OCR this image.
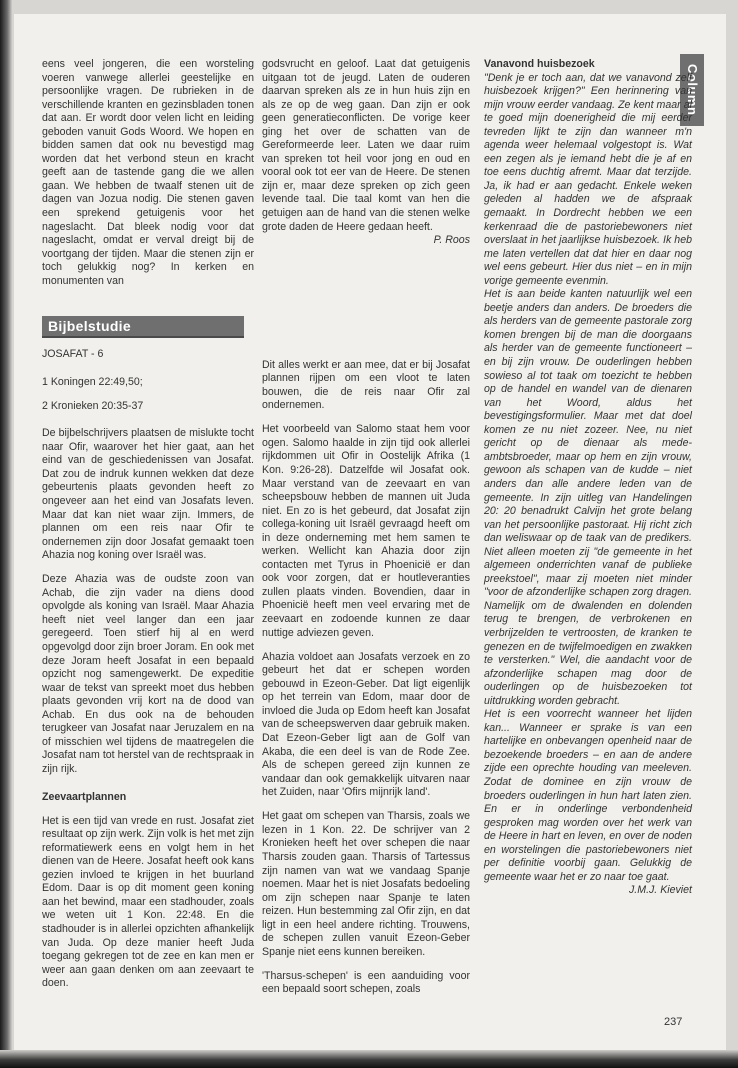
Column

eens veel jongeren, die een worsteling voeren vanwege allerlei geestelijke en persoonlijke vragen. De rubrieken in de verschillende kranten en gezinsbladen tonen dat aan. Er wordt door velen licht en leiding geboden vanuit Gods Woord. We hopen en bidden samen dat ook nu bevestigd mag worden dat het verbond steun en kracht geeft aan de tastende gang die we allen gaan. We hebben de twaalf stenen uit de dagen van Jozua nodig. Die stenen gaven een sprekend getuigenis voor het nageslacht. Dat bleek nodig voor dat nageslacht, omdat er verval dreigt bij de voortgang der tijden. Maar die stenen zijn er toch gelukkig nog? In kerken en monumenten van

godsvrucht en geloof. Laat dat getuigenis uitgaan tot de jeugd. Laten de ouderen daarvan spreken als ze in hun huis zijn en als ze op de weg gaan. Dan zijn er ook geen generatieconflicten. De vorige keer ging het over de schatten van de Gereformeerde leer. Laten we daar ruim van spreken tot heil voor jong en oud en vooral ook tot eer van de Heere. De stenen zijn er, maar deze spreken op zich geen levende taal. Die taal komt van hen die getuigen aan de hand van die stenen welke grote daden de Heere gedaan heeft.

P. Roos

Bijbelstudie

JOSAFAT - 6

1 Koningen 22:49,50;

2 Kronieken 20:35-37

De bijbelschrijvers plaatsen de mislukte tocht naar Ofir, waarover het hier gaat, aan het eind van de geschiedenissen van Josafat. Dat zou de indruk kunnen wekken dat deze gebeurtenis plaats gevonden heeft zo ongeveer aan het eind van Josafats leven. Maar dat kan niet waar zijn. Immers, de plannen om een reis naar Ofir te ondernemen zijn door Josafat gemaakt toen Ahazia nog koning over Israël was.

Deze Ahazia was de oudste zoon van Achab, die zijn vader na diens dood opvolgde als koning van Israël. Maar Ahazia heeft niet veel langer dan een jaar geregeerd. Toen stierf hij al en werd opgevolgd door zijn broer Joram. En ook met deze Joram heeft Josafat in een bepaald opzicht nog samengewerkt. De expeditie waar de tekst van spreekt moet dus hebben plaats gevonden vrij kort na de dood van Achab. En dus ook na de behouden terugkeer van Josafat naar Jeruzalem en na of misschien wel tijdens de maatregelen die Josafat nam tot herstel van de rechtspraak in zijn rijk.

Zeevaartplannen

Het is een tijd van vrede en rust. Josafat ziet resultaat op zijn werk. Zijn volk is het met zijn reformatiewerk eens en volgt hem in het dienen van de Heere. Josafat heeft ook kans gezien invloed te krijgen in het buurland Edom. Daar is op dit moment geen koning aan het bewind, maar een stadhouder, zoals we weten uit 1 Kon. 22:48. En die stadhouder is in allerlei opzichten afhankelijk van Juda. Op deze manier heeft Juda toegang gekregen tot de zee en kan men er weer aan gaan denken om aan zeevaart te doen.

Dit alles werkt er aan mee, dat er bij Josafat plannen rijpen om een vloot te laten bouwen, die de reis naar Ofir zal ondernemen.

Het voorbeeld van Salomo staat hem voor ogen. Salomo haalde in zijn tijd ook allerlei rijkdommen uit Ofir in Oostelijk Afrika (1 Kon. 9:26-28). Datzelfde wil Josafat ook. Maar verstand van de zeevaart en van scheepsbouw hebben de mannen uit Juda niet. En zo is het gebeurd, dat Josafat zijn collega-koning uit Israël gevraagd heeft om in deze onderneming met hem samen te werken. Wellicht kan Ahazia door zijn contacten met Tyrus in Phoenicië er dan ook voor zorgen, dat er houtleveranties zullen plaats vinden. Bovendien, daar in Phoenicië heeft men veel ervaring met de zeevaart en zodoende kunnen ze daar nuttige adviezen geven.

Ahazia voldoet aan Josafats verzoek en zo gebeurt het dat er schepen worden gebouwd in Ezeon-Geber. Dat ligt eigenlijk op het terrein van Edom, maar door de invloed die Juda op Edom heeft kan Josafat van de scheepswerven daar gebruik maken. Dat Ezeon-Geber ligt aan de Golf van Akaba, die een deel is van de Rode Zee. Als de schepen gereed zijn kunnen ze vandaar dan ook gemakkelijk uitvaren naar het Zuiden, naar 'Ofirs mijnrijk land'.

Het gaat om schepen van Tharsis, zoals we lezen in 1 Kon. 22. De schrijver van 2 Kronieken heeft het over schepen die naar Tharsis zouden gaan. Tharsis of Tartessus zijn namen van wat we vandaag Spanje noemen. Maar het is niet Josafats bedoeling om zijn schepen naar Spanje te laten reizen. Hun bestemming zal Ofir zijn, en dat ligt in een heel andere richting. Trouwens, de schepen zullen vanuit Ezeon-Geber Spanje niet eens kunnen bereiken.

'Tharsus-schepen' is een aanduiding voor een bepaald soort schepen, zoals

Vanavond huisbezoek

"Denk je er toch aan, dat we vanavond zelf huisbezoek krijgen?" Een herinnering van mijn vrouw eerder vandaag. Ze kent maar al te goed mijn doenerigheid die mij eerder tevreden lijkt te zijn dan wanneer m'n agenda weer helemaal volgestopt is. Wat een zegen als je iemand hebt die je af en toe eens duchtig afremt. Maar dat terzijde. Ja, ik had er aan gedacht. Enkele weken geleden al hadden we de afspraak gemaakt. In Dordrecht hebben we een kerkenraad die de pastoriebewoners niet overslaat in het jaarlijkse huisbezoek. Ik heb me laten vertellen dat dat hier en daar nog wel eens gebeurt. Hier dus niet – en in mijn vorige gemeente evenmin.

Het is aan beide kanten natuurlijk wel een beetje anders dan anders. De broeders die als herders van de gemeente pastorale zorg komen brengen bij de man die doorgaans als herder van de gemeente functioneert – en bij zijn vrouw. De ouderlingen hebben sowieso al tot taak om toezicht te hebben op de handel en wandel van de dienaren van het Woord, aldus het bevestigingsformulier. Maar met dat doel komen ze nu niet zozeer. Nee, nu niet gericht op de dienaar als mede-ambtsbroeder, maar op hem en zijn vrouw, gewoon als schapen van de kudde – niet anders dan alle andere leden van de gemeente. In zijn uitleg van Handelingen 20: 20 benadrukt Calvijn het grote belang van het persoonlijke pastoraat. Hij richt zich dan weliswaar op de taak van de predikers. Niet alleen moeten zij "de gemeente in het algemeen onderrichten vanaf de publieke preekstoel", maar zij moeten niet minder "voor de afzonderlijke schapen zorg dragen. Namelijk om de dwalenden en dolenden terug te brengen, de verbrokenen en verbrijzelden te vertroosten, de kranken te genezen en de twijfelmoedigen en zwakken te versterken." Wel, die aandacht voor de afzonderlijke schapen mag door de ouderlingen op de huisbezoeken tot uitdrukking worden gebracht.

Het is een voorrecht wanneer het lijden kan... Wanneer er sprake is van een hartelijke en onbevangen openheid naar de bezoekende broeders – en aan de andere zijde een oprechte houding van meeleven. Zodat de dominee en zijn vrouw de broeders ouderlingen in hun hart laten zien. En er in onderlinge verbondenheid gesproken mag worden over het werk van de Heere in hart en leven, en over de noden en worstelingen die pastoriebewoners niet per definitie voorbij gaan. Gelukkig de gemeente waar het er zo naar toe gaat.

J.M.J. Kieviet

237
